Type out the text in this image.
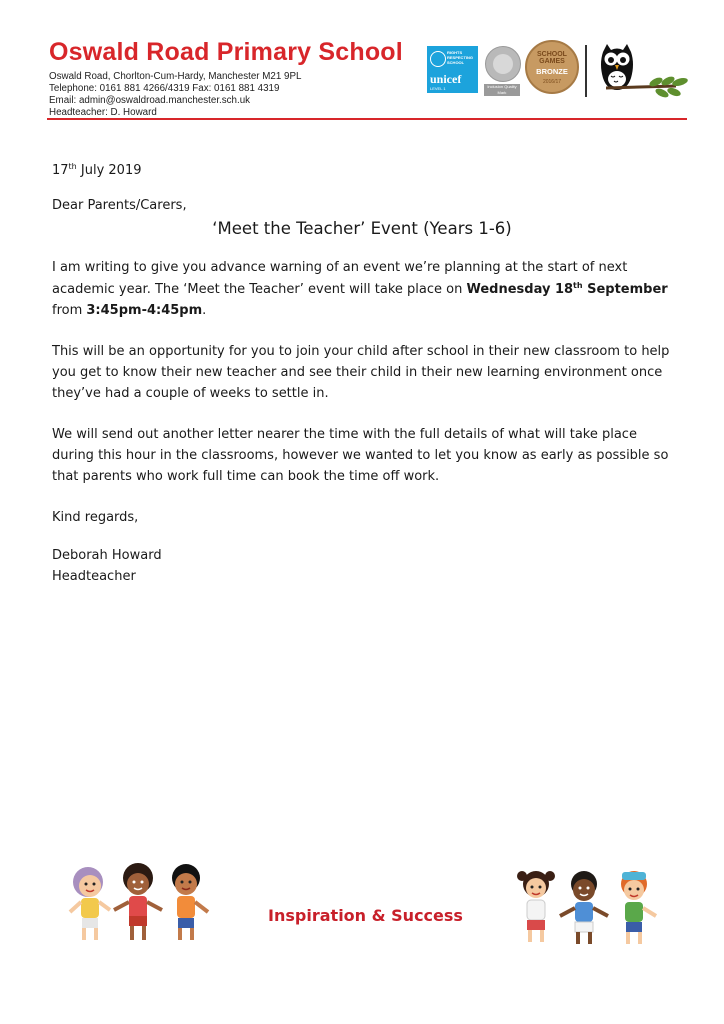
Oswald Road Primary School
Oswald Road, Chorlton-Cum-Hardy, Manchester M21 9PL
Telephone: 0161 881 4266/4319 Fax: 0161 881 4319
Email: admin@oswaldroad.manchester.sch.uk
Headteacher: D. Howard
RIGHTS RESPECTING SCHOOL
unicef
LEVEL 1	Inclusion Quality Mark
SCHOOL GAMES
BRONZE
2016/17
17th July 2019
Dear Parents/Carers,
‘Meet the Teacher’ Event (Years 1-6)
I am writing to give you advance warning of an event we’re planning at the start of next
academic year. The ‘Meet the Teacher’ event will take place on Wednesday 18th September
from 3:45pm-4:45pm.
This will be an opportunity for you to join your child after school in their new classroom to help
you get to know their new teacher and see their child in their new learning environment once
they’ve had a couple of weeks to settle in.
We will send out another letter nearer the time with the full details of what will take place
during this hour in the classrooms, however we wanted to let you know as early as possible so
that parents who work full time can book the time off work.
Kind regards,
Deborah Howard
Headteacher
Inspiration & Success
